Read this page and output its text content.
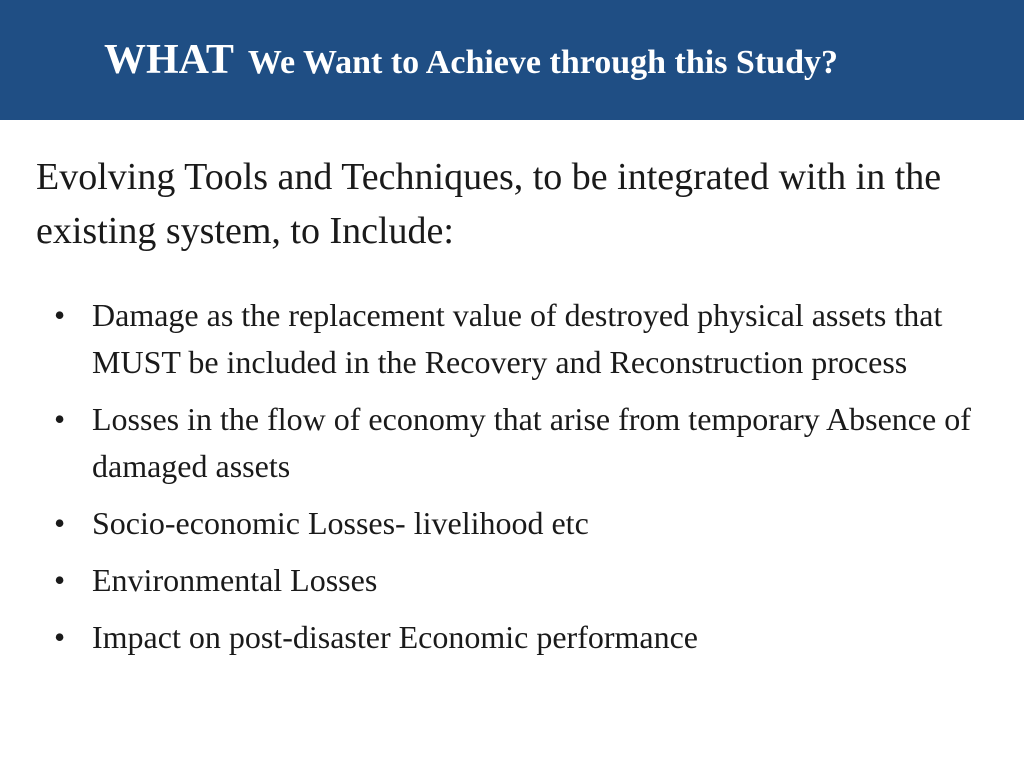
WHAT We Want to Achieve through this Study?
Evolving Tools and Techniques, to be integrated with in the existing system, to Include:
• Damage as the replacement value of destroyed physical assets that MUST be included in the Recovery and Reconstruction process
• Losses in the flow of economy that arise from temporary Absence of damaged assets
• Socio-economic Losses- livelihood etc
• Environmental Losses
• Impact on post-disaster Economic performance
